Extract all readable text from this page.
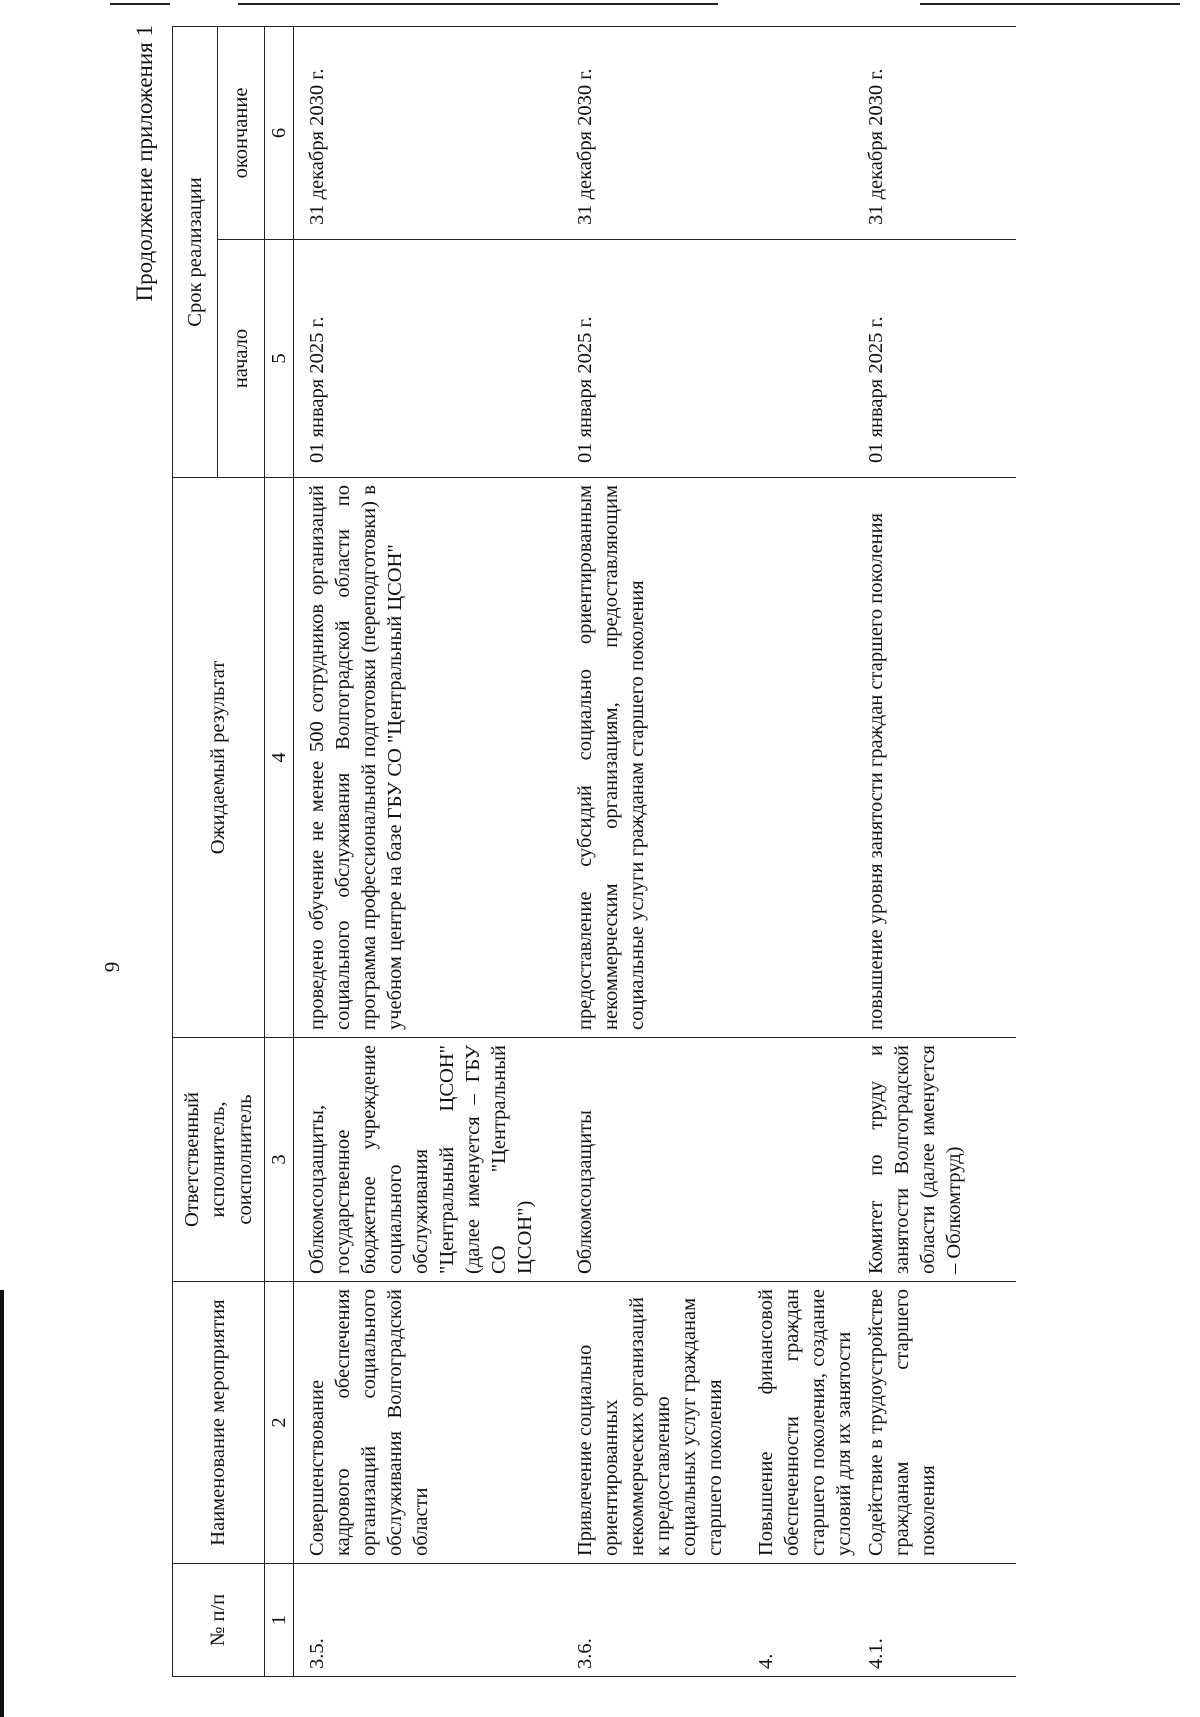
9
Продолжение приложения 1
№ п/п	Наименование мероприятия	Ответственный исполнитель, соисполнитель	Ожидаемый результат	Срок реализации	
				начало	окончание
1	2	3	4	5	6
3.5.	Совершенствование кадрового обеспечения организаций социального обслуживания Волгоградской области	Облкомсоцзащиты, государственное бюджетное учреждение социального обслуживания "Центральный ЦСОН" (далее именуется – ГБУ СО "Центральный ЦСОН")	проведено обучение не менее 500 сотрудников организаций социального обслуживания Волгоградской области по программа профессиональной подготовки (переподготовки) в учебном центре на базе ГБУ СО "Центральный ЦСОН"	01 января 2025 г.	31 декабря 2030 г.
3.6.	Привлечение социально ориентированных некоммерческих организаций к предоставлению социальных услуг гражданам старшего поколения	Облкомсоцзащиты	предоставление субсидий социально ориентированным некоммерческим организациям, предоставляющим социальные услуги гражданам старшего поколения	01 января 2025 г.	31 декабря 2030 г.
4.	Повышение финансовой обеспеченности граждан старшего поколения, создание условий для их занятости				
4.1.	Содействие в трудоустройстве гражданам старшего поколения	Комитет по труду и занятости Волгоградской области (далее именуется – Облкомтруд)	повышение уровня занятости граждан старшего поколения	01 января 2025 г.	31 декабря 2030 г.
